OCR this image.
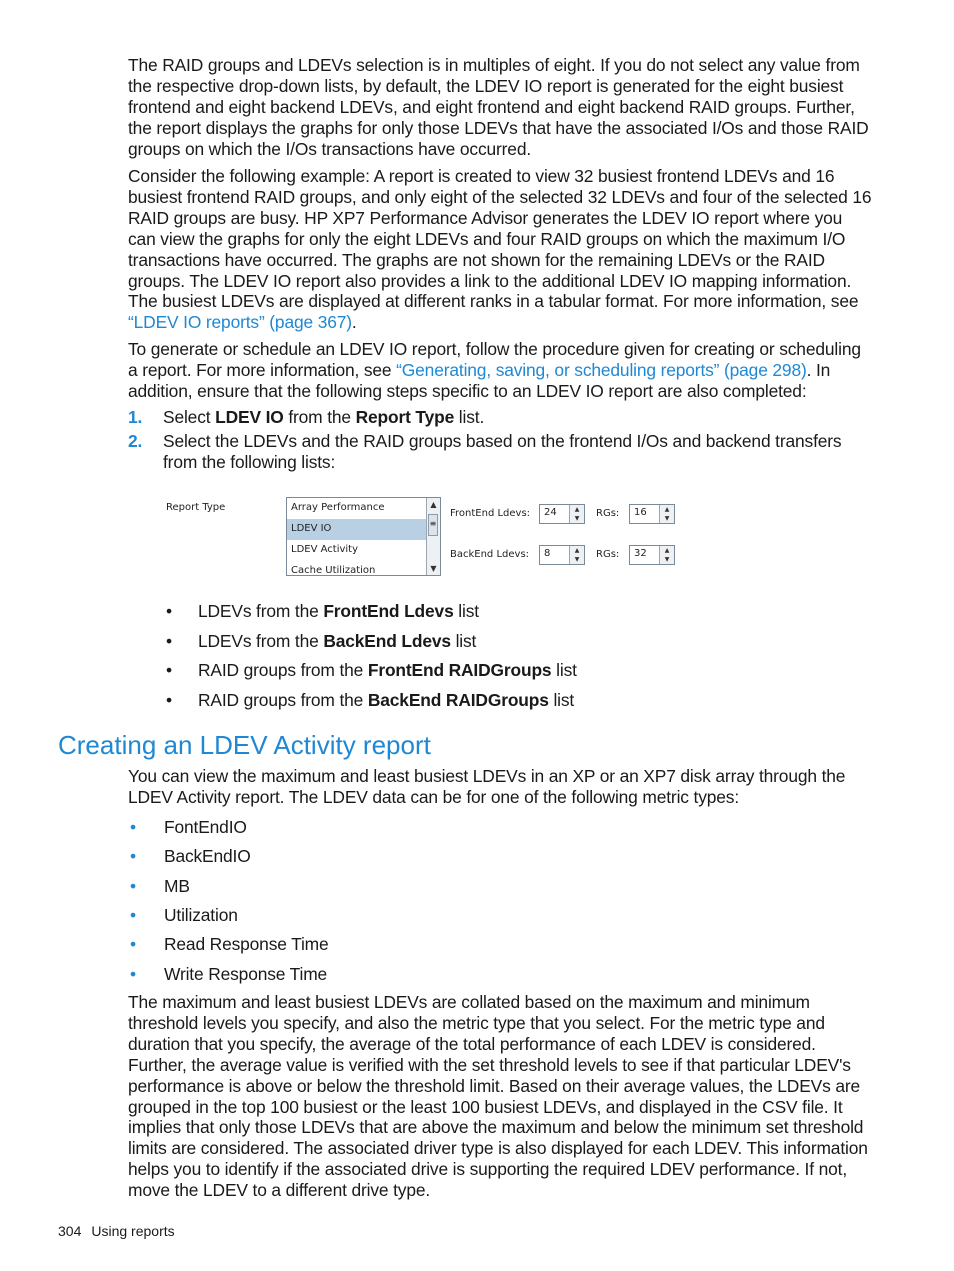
The RAID groups and LDEVs selection is in multiples of eight. If you do not select any value from the respective drop-down lists, by default, the LDEV IO report is generated for the eight busiest frontend and eight backend LDEVs, and eight frontend and eight backend RAID groups. Further, the report displays the graphs for only those LDEVs that have the associated I/Os and those RAID groups on which the I/Os transactions have occurred.

Consider the following example: A report is created to view 32 busiest frontend LDEVs and 16 busiest frontend RAID groups, and only eight of the selected 32 LDEVs and four of the selected 16 RAID groups are busy. HP XP7 Performance Advisor generates the LDEV IO report where you can view the graphs for only the eight LDEVs and four RAID groups on which the maximum I/O transactions have occurred. The graphs are not shown for the remaining LDEVs or the RAID groups. The LDEV IO report also provides a link to the additional LDEV IO mapping information. The busiest LDEVs are displayed at different ranks in a tabular format. For more information, see “LDEV IO reports” (page 367).

To generate or schedule an LDEV IO report, follow the procedure given for creating or scheduling a report. For more information, see “Generating, saving, or scheduling reports” (page 298). In addition, ensure that the following steps specific to an LDEV IO report are also completed:

1. Select LDEV IO from the Report Type list.
2. Select the LDEVs and the RAID groups based on the frontend I/Os and backend transfers from the following lists:
Report Type	Array Performance
LDEV IO
LDEV Activity
Cache Utilization
▲
≡
▼
FrontEnd Ldevs: 24	▲
▼	RGs: 16	▲
▼
BackEnd Ldevs: 8	▲
▼	RGs: 32	▲
▼
• LDEVs from the FrontEnd Ldevs list
• LDEVs from the BackEnd Ldevs list
• RAID groups from the FrontEnd RAIDGroups list
• RAID groups from the BackEnd RAIDGroups list
Creating an LDEV Activity report

You can view the maximum and least busiest LDEVs in an XP or an XP7 disk array through the LDEV Activity report. The LDEV data can be for one of the following metric types:

• FontEndIO
• BackEndIO
• MB
• Utilization
• Read Response Time
• Write Response Time

The maximum and least busiest LDEVs are collated based on the maximum and minimum threshold levels you specify, and also the metric type that you select. For the metric type and duration that you specify, the average of the total performance of each LDEV is considered. Further, the average value is verified with the set threshold levels to see if that particular LDEV's performance is above or below the threshold limit. Based on their average values, the LDEVs are grouped in the top 100 busiest or the least 100 busiest LDEVs, and displayed in the CSV file. It implies that only those LDEVs that are above the maximum and below the minimum set threshold limits are considered. The associated driver type is also displayed for each LDEV. This information helps you to identify if the associated drive is supporting the required LDEV performance. If not, move the LDEV to a different drive type.

304 Using reports
